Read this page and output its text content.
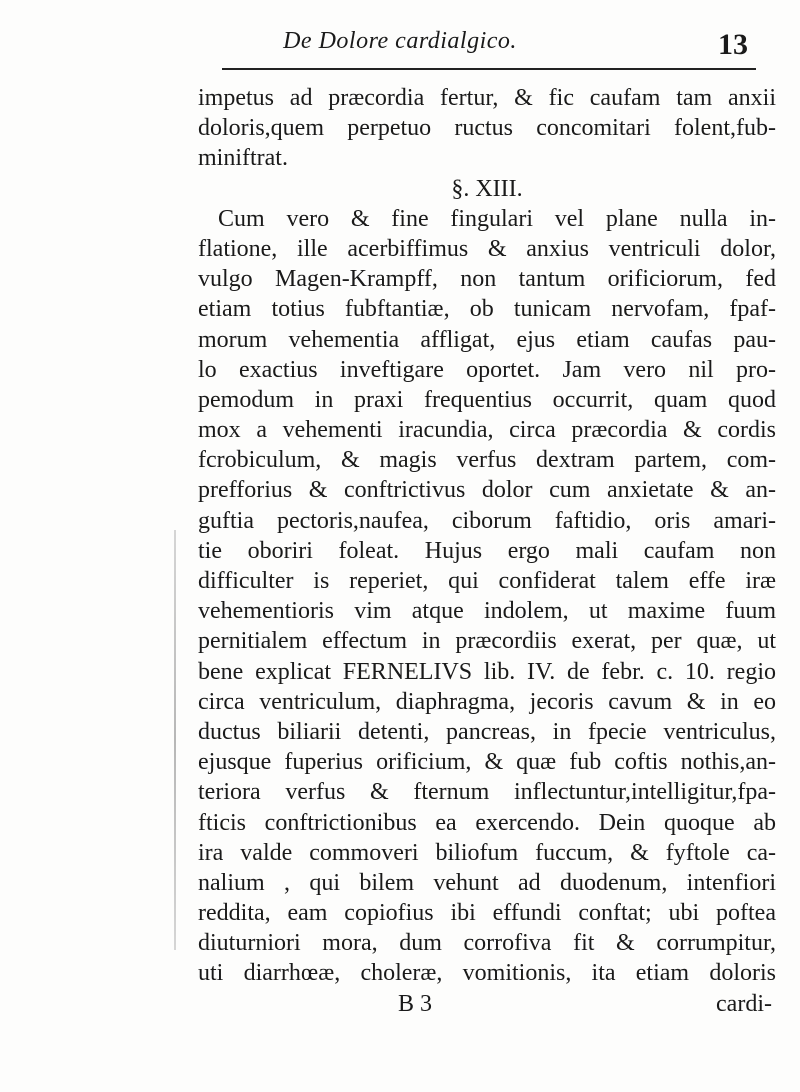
De Dolore cardialgico.	13
impetus ad præcordia fertur, & fic caufam tam anxii
doloris,quem perpetuo ructus concomitari folent,fub-
miniftrat.
§. XIII.
Cum vero & fine fingulari vel plane nulla in-
flatione, ille acerbiffimus & anxius ventriculi dolor,
vulgo Magen-Krampff, non tantum orificiorum, fed
etiam totius fubftantiæ, ob tunicam nervofam, fpaf-
morum vehementia affligat, ejus etiam caufas pau-
lo exactius inveftigare oportet. Jam vero nil pro-
pemodum in praxi frequentius occurrit, quam quod
mox a vehementi iracundia, circa præcordia & cordis
fcrobiculum, & magis verfus dextram partem, com-
prefforius & conftrictivus dolor cum anxietate & an-
guftia pectoris,naufea, ciborum faftidio, oris amari-
tie oboriri foleat. Hujus ergo mali caufam non
difficulter is reperiet, qui confiderat talem effe iræ
vehementioris vim atque indolem, ut maxime fuum
pernitialem effectum in præcordiis exerat, per quæ, ut
bene explicat FERNELIVS lib. IV. de febr. c. 10. regio
circa ventriculum, diaphragma, jecoris cavum & in eo
ductus biliarii detenti, pancreas, in fpecie ventriculus,
ejusque fuperius orificium, & quæ fub coftis nothis,an-
teriora verfus & fternum inflectuntur,intelligitur,fpa-
fticis conftrictionibus ea exercendo. Dein quoque ab
ira valde commoveri biliofum fuccum, & fyftole ca-
nalium , qui bilem vehunt ad duodenum, intenfiori
reddita, eam copiofius ibi effundi conftat; ubi poftea
diuturniori mora, dum corrofiva fit & corrumpitur,
uti diarrhœæ, choleræ, vomitionis, ita etiam doloris
B 3	cardi-
